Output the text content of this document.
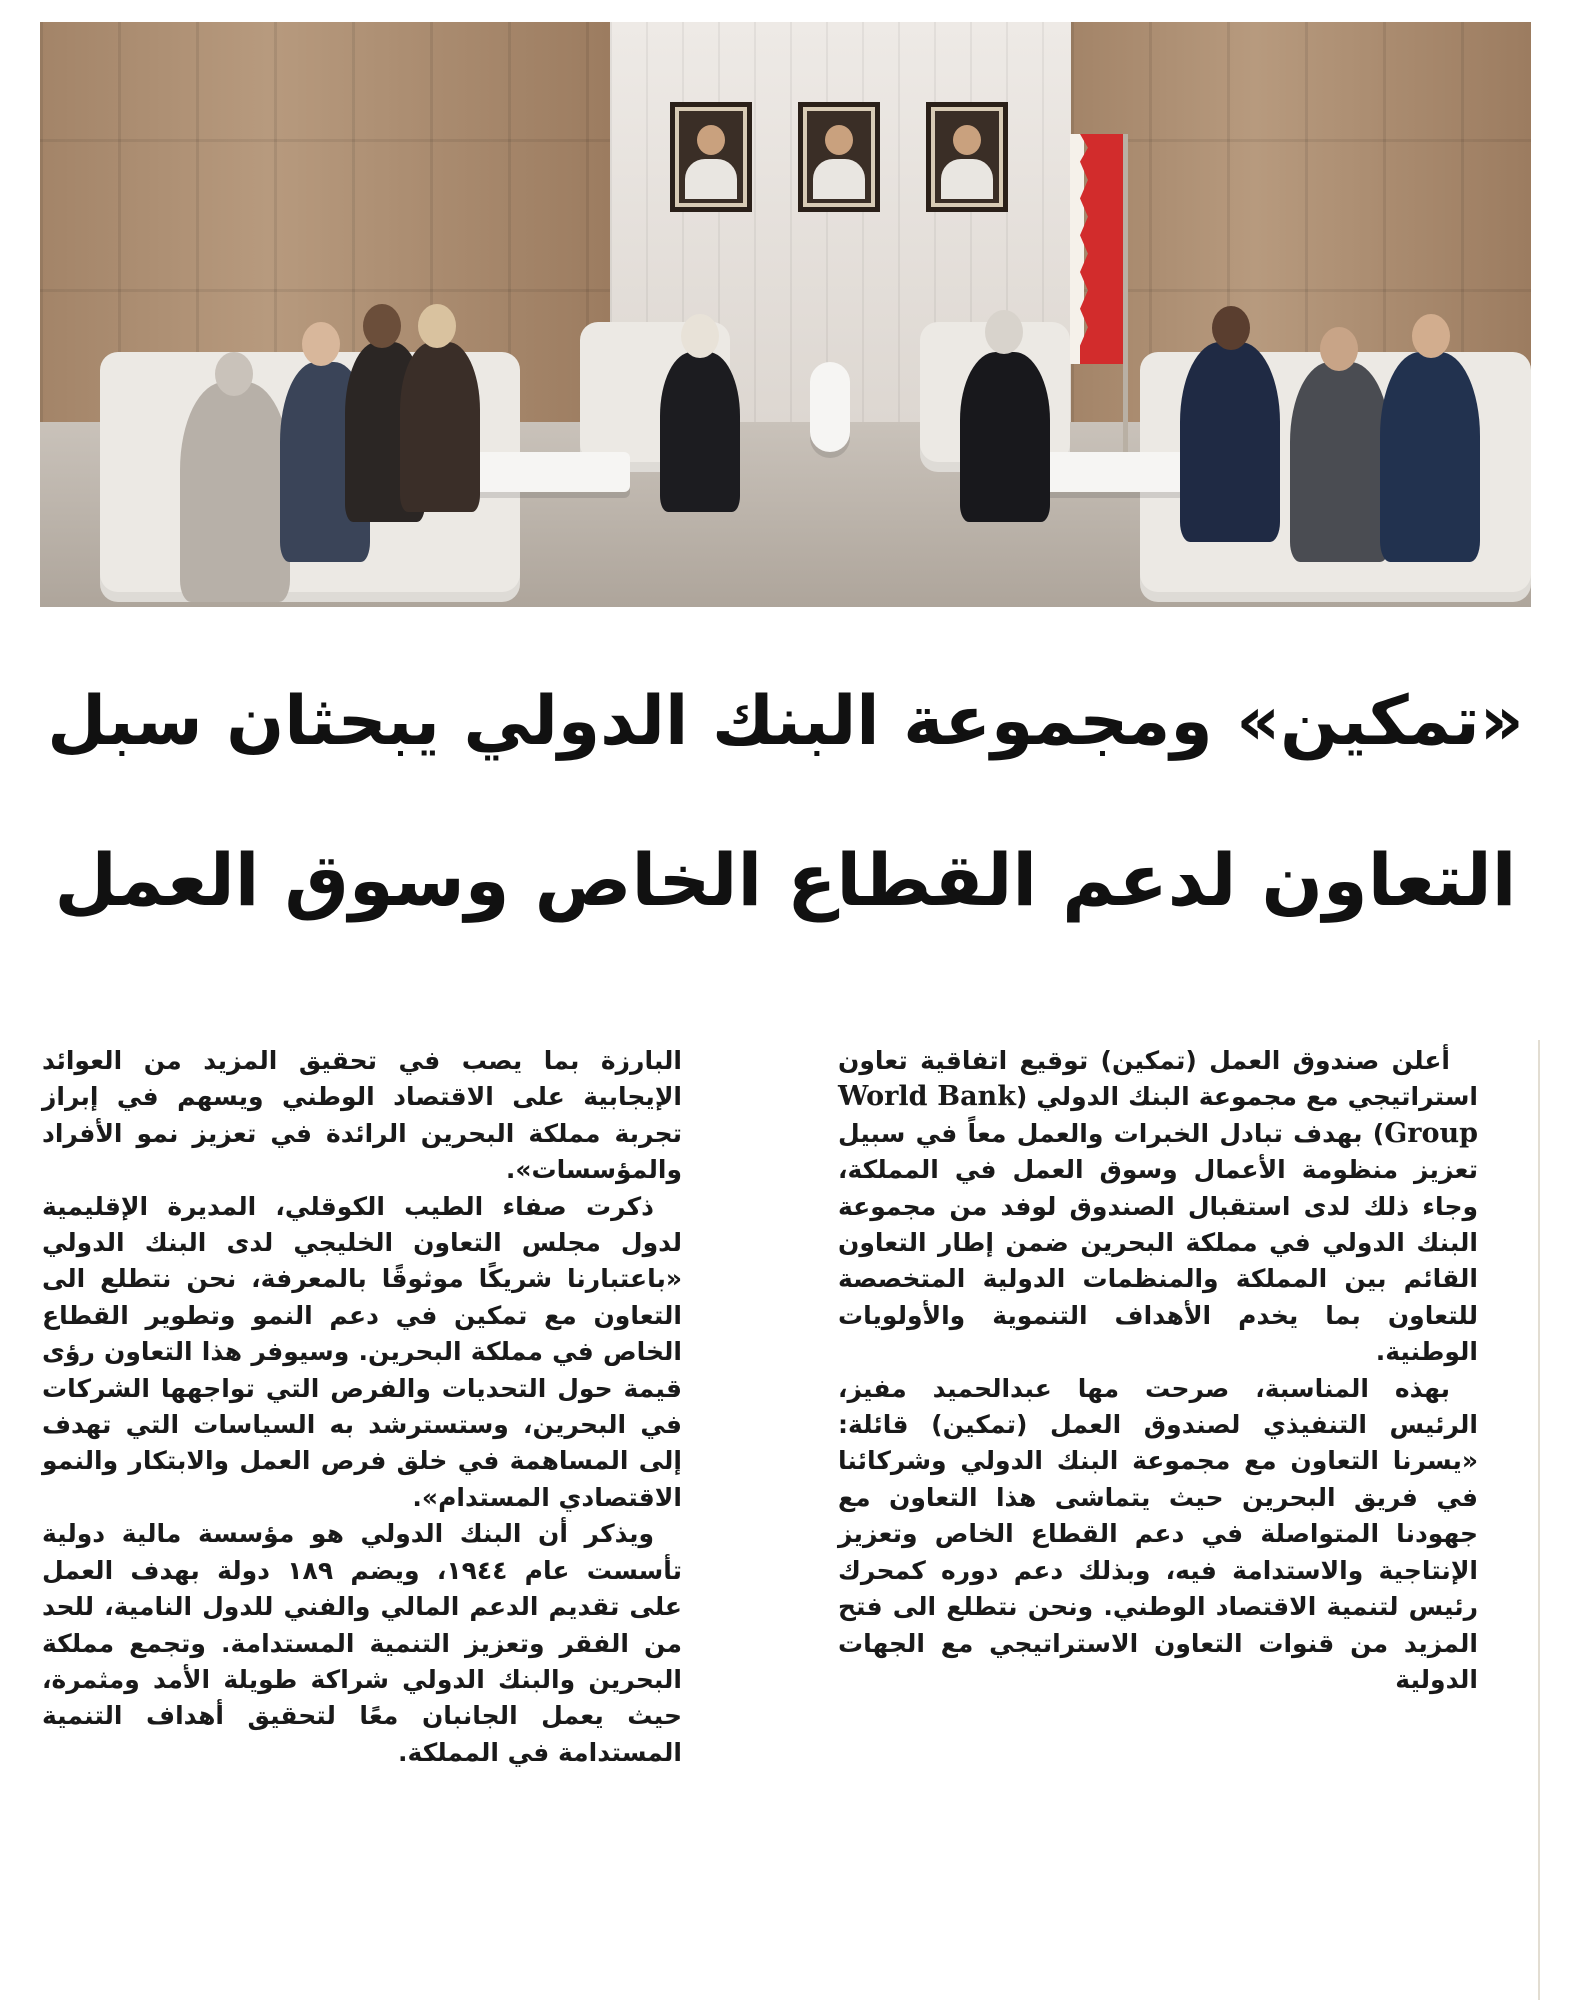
«تمكين» ومجموعة البنك الدولي يبحثان سبل
التعاون لدعم القطاع الخاص وسوق العمل

أعلن صندوق العمل (تمكين) توقيع اتفاقية تعاون استراتيجي مع مجموعة البنك الدولي (World Bank Group) بهدف تبادل الخبرات والعمل معاً في سبيل تعزيز منظومة الأعمال وسوق العمل في المملكة، وجاء ذلك لدى استقبال الصندوق لوفد من مجموعة البنك الدولي في مملكة البحرين ضمن إطار التعاون القائم بين المملكة والمنظمات الدولية المتخصصة للتعاون بما يخدم الأهداف التنموية والأولويات الوطنية.

بهذه المناسبة، صرحت مها عبدالحميد مفيز، الرئيس التنفيذي لصندوق العمل (تمكين) قائلة: «يسرنا التعاون مع مجموعة البنك الدولي وشركائنا في فريق البحرين حيث يتماشى هذا التعاون مع جهودنا المتواصلة في دعم القطاع الخاص وتعزيز الإنتاجية والاستدامة فيه، وبذلك دعم دوره كمحرك رئيس لتنمية الاقتصاد الوطني. ونحن نتطلع الى فتح المزيد من قنوات التعاون الاستراتيجي مع الجهات الدولية

البارزة بما يصب في تحقيق المزيد من العوائد الإيجابية على الاقتصاد الوطني ويسهم في إبراز تجربة مملكة البحرين الرائدة في تعزيز نمو الأفراد والمؤسسات».

ذكرت صفاء الطيب الكوقلي، المديرة الإقليمية لدول مجلس التعاون الخليجي لدى البنك الدولي «باعتبارنا شريكًا موثوقًا بالمعرفة، نحن نتطلع الى التعاون مع تمكين في دعم النمو وتطوير القطاع الخاص في مملكة البحرين. وسيوفر هذا التعاون رؤى قيمة حول التحديات والفرص التي تواجهها الشركات في البحرين، وستسترشد به السياسات التي تهدف إلى المساهمة في خلق فرص العمل والابتكار والنمو الاقتصادي المستدام».

ويذكر أن البنك الدولي هو مؤسسة مالية دولية تأسست عام ١٩٤٤، ويضم ١٨٩ دولة بهدف العمل على تقديم الدعم المالي والفني للدول النامية، للحد من الفقر وتعزيز التنمية المستدامة. وتجمع مملكة البحرين والبنك الدولي شراكة طويلة الأمد ومثمرة، حيث يعمل الجانبان معًا لتحقيق أهداف التنمية المستدامة في المملكة.
